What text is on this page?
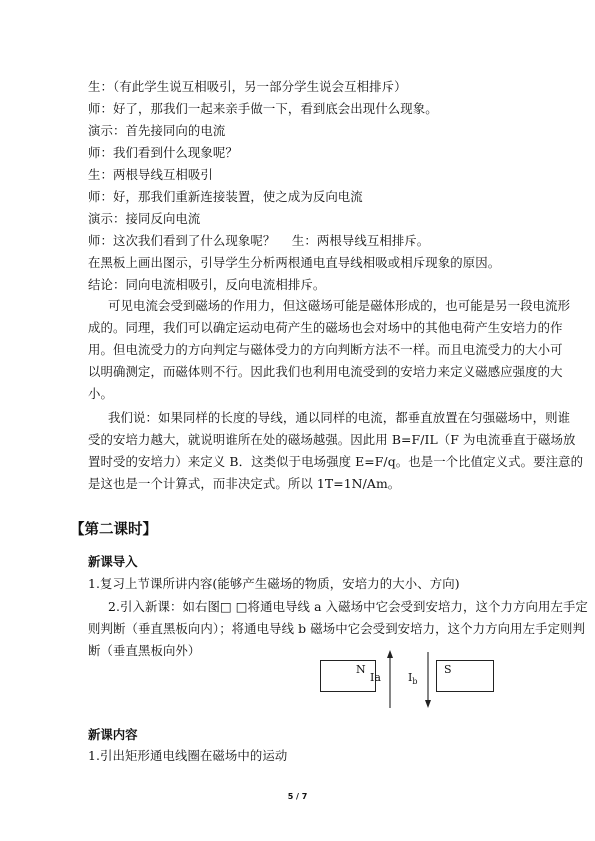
生：（有此学生说互相吸引，另一部分学生说会互相排斥）
师：好了，那我们一起来亲手做一下，看到底会出现什么现象。
演示：首先接同向的电流
师：我们看到什么现象呢？
生：两根导线互相吸引
师：好，那我们重新连接装置，使之成为反向电流
演示：接同反向电流
师：这次我们看到了什么现象呢？　 生：两根导线互相排斥。
在黑板上画出图示，引导学生分析两根通电直导线相吸或相斥现象的原因。
结论：同向电流相吸引，反向电流相排斥。
可见电流会受到磁场的作用力，但这磁场可能是磁体形成的，也可能是另一段电流形
成的。同理，我们可以确定运动电荷产生的磁场也会对场中的其他电荷产生安培力的作
用。但电流受力的方向判定与磁体受力的方向判断方法不一样。而且电流受力的大小可
以明确测定，而磁体则不行。因此我们也利用电流受到的安培力来定义磁感应强度的大
小。
我们说：如果同样的长度的导线，通以同样的电流，都垂直放置在匀强磁场中，则谁
受的安培力越大，就说明谁所在处的磁场越强。因此用 B=F/IL（F 为电流垂直于磁场放
置时受的安培力）来定义 B．这类似于电场强度 E=F/q。也是一个比值定义式。要注意的
是这也是一个计算式，而非决定式。所以 1T=1N/Am。
【第二课时】
新课导入
1.复习上节课所讲内容(能够产生磁场的物质，安培力的大小、方向)
2.引入新课：如右图□ □将通电导线 a 入磁场中它会受到安培力，这个力方向用左手定
则判断（垂直黑板向内）；将通电导线 b 磁场中它会受到安培力，这个力方向用左手定则判
断（垂直黑板向外）
N	S
Ia $I_b$
新课内容
1.引出矩形通电线圈在磁场中的运动
5 / 7
